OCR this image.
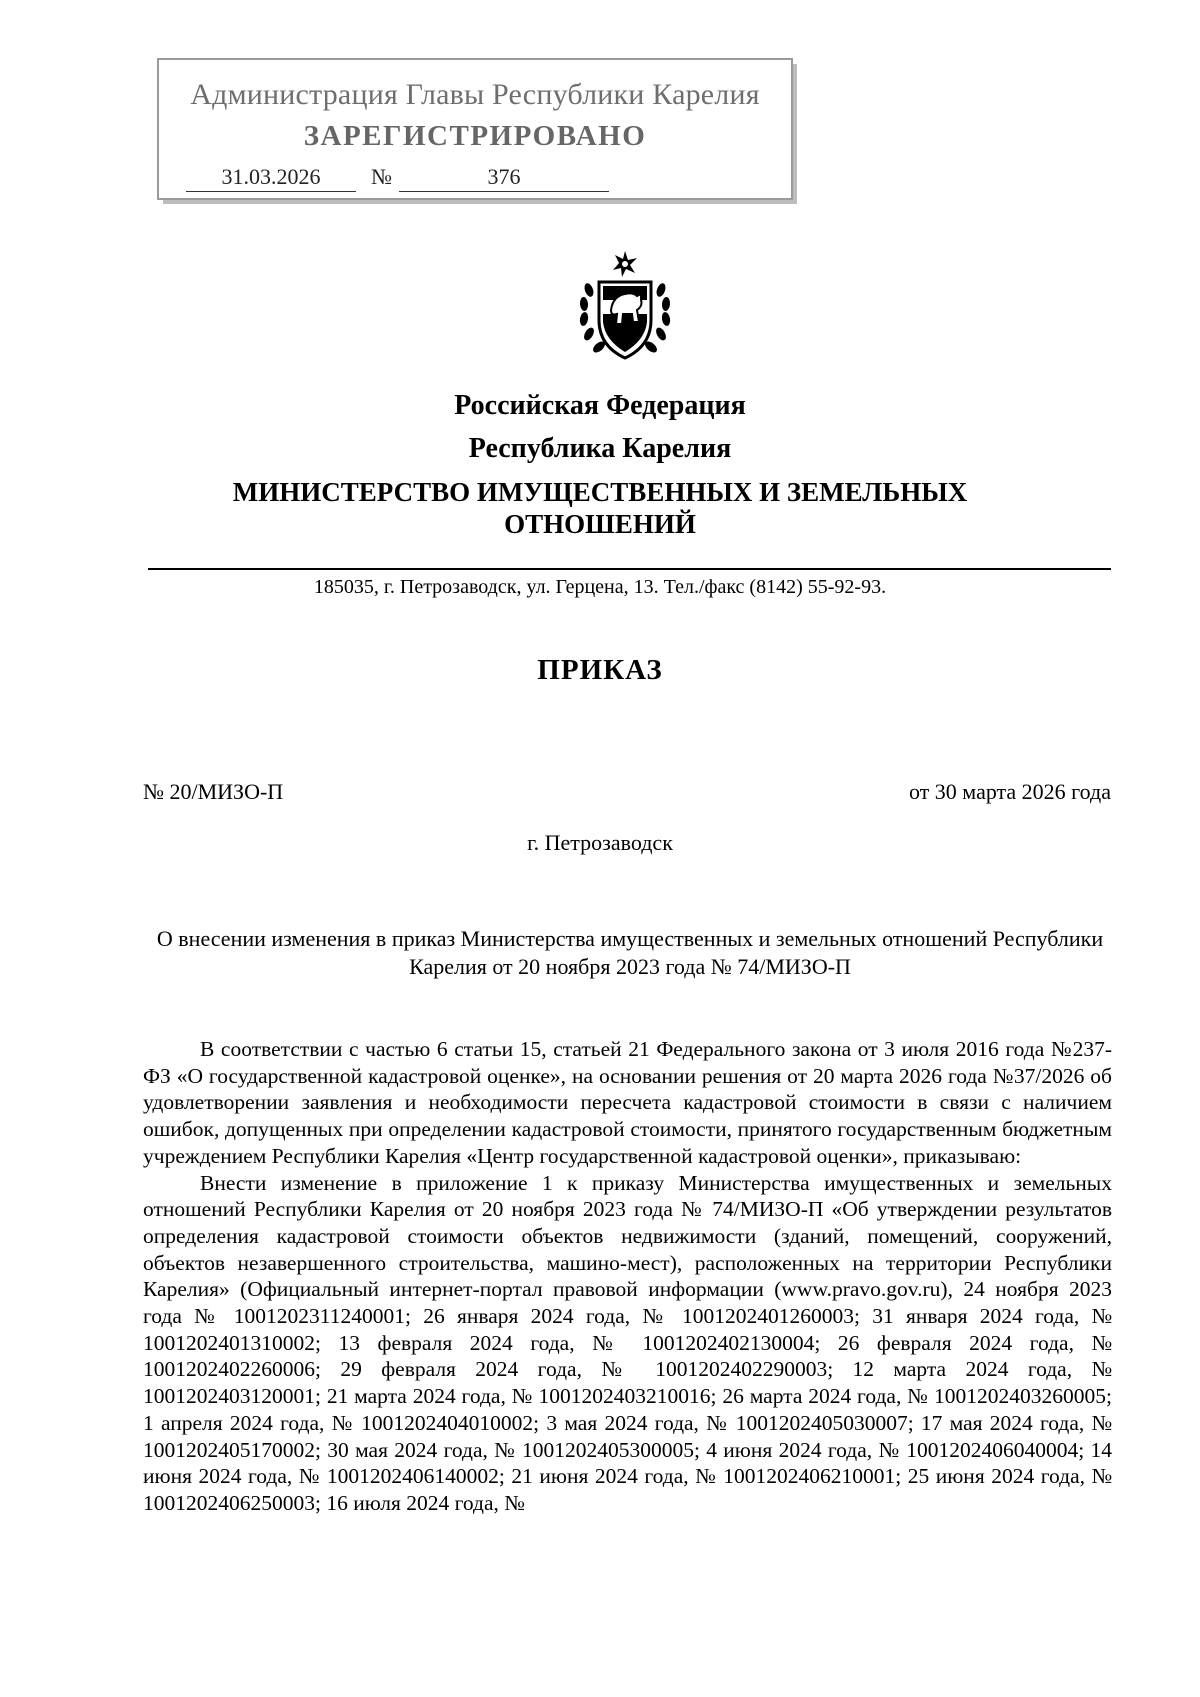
Администрация Главы Республики Карелия
ЗАРЕГИСТРИРОВАНО
31.03.2026	№	376
Российская Федерация
Республика Карелия
МИНИСТЕРСТВО ИМУЩЕСТВЕННЫХ И ЗЕМЕЛЬНЫХ ОТНОШЕНИЙ
185035, г. Петрозаводск, ул. Герцена, 13. Тел./факс (8142) 55-92-93.
ПРИКАЗ
№ 20/МИЗО-П	от 30 марта 2026 года
г. Петрозаводск
О внесении изменения в приказ Министерства имущественных и земельных отношений Республики Карелия от 20 ноября 2023 года № 74/МИЗО-П

В соответствии с частью 6 статьи 15, статьей 21 Федерального закона от 3 июля 2016 года №237-ФЗ «О государственной кадастровой оценке», на основании решения от 20 марта 2026 года №37/2026 об удовлетворении заявления и необходимости пересчета кадастровой стоимости в связи с наличием ошибок, допущенных при определении кадастровой стоимости, принятого государственным бюджетным учреждением Республики Карелия «Центр государственной кадастровой оценки», приказываю:

Внести изменение в приложение 1 к приказу Министерства имущественных и земельных отношений Республики Карелия от 20 ноября 2023 года № 74/МИЗО-П «Об утверждении результатов определения кадастровой стоимости объектов недвижимости (зданий, помещений, сооружений, объектов незавершенного строительства, машино-мест), расположенных на территории Республики Карелия» (Официальный интернет-портал правовой информации (www.pravo.gov.ru), 24 ноября 2023 года № 1001202311240001; 26 января 2024 года, № 1001202401260003; 31 января 2024 года, № 1001202401310002; 13 февраля 2024 года, № 1001202402130004; 26 февраля 2024 года, № 1001202402260006; 29 февраля 2024 года, № 1001202402290003; 12 марта 2024 года, № 1001202403120001; 21 марта 2024 года, № 1001202403210016; 26 марта 2024 года, № 1001202403260005; 1 апреля 2024 года, № 1001202404010002; 3 мая 2024 года, № 1001202405030007; 17 мая 2024 года, № 1001202405170002; 30 мая 2024 года, № 1001202405300005; 4 июня 2024 года, № 1001202406040004; 14 июня 2024 года, № 1001202406140002; 21 июня 2024 года, № 1001202406210001; 25 июня 2024 года, № 1001202406250003; 16 июля 2024 года, №
